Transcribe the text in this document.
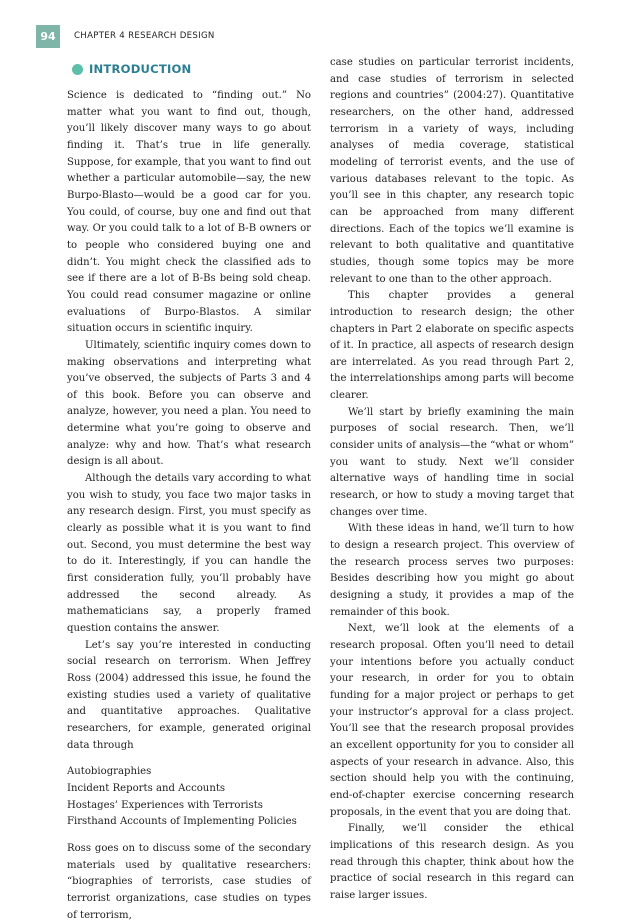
94	CHAPTER 4 RESEARCH DESIGN
INTRODUCTION

Science is dedicated to “finding out.” No matter what you want to find out, though, you’ll likely discover many ways to go about finding it. That’s true in life generally. Suppose, for example, that you want to find out whether a particular automobile—say, the new Burpo-Blasto—would be a good car for you. You could, of course, buy one and find out that way. Or you could talk to a lot of B-B owners or to people who considered buying one and didn’t. You might check the classified ads to see if there are a lot of B-Bs being sold cheap. You could read consumer magazine or online evaluations of Burpo-Blastos. A similar situation occurs in scientific inquiry.

Ultimately, scientific inquiry comes down to making observations and interpreting what you’ve observed, the subjects of Parts 3 and 4 of this book. Before you can observe and analyze, however, you need a plan. You need to determine what you’re going to observe and analyze: why and how. That’s what research design is all about.

Although the details vary according to what you wish to study, you face two major tasks in any research design. First, you must specify as clearly as possible what it is you want to find out. Second, you must determine the best way to do it. Interestingly, if you can handle the first consideration fully, you’ll probably have addressed the second already. As mathematicians say, a properly framed question contains the answer.

Let’s say you’re interested in conducting social research on terrorism. When Jeffrey Ross (2004) addressed this issue, he found the existing studies used a variety of qualitative and quantitative approaches. Qualitative researchers, for example, generated original data through

Autobiographies
Incident Reports and Accounts
Hostages’ Experiences with Terrorists
Firsthand Accounts of Implementing Policies

Ross goes on to discuss some of the secondary materials used by qualitative researchers: “biographies of terrorists, case studies of terrorist organizations, case studies on types of terrorism,

case studies on particular terrorist incidents, and case studies of terrorism in selected regions and countries” (2004:27). Quantitative researchers, on the other hand, addressed terrorism in a variety of ways, including analyses of media coverage, statistical modeling of terrorist events, and the use of various databases relevant to the topic. As you’ll see in this chapter, any research topic can be approached from many different directions. Each of the topics we’ll examine is relevant to both qualitative and quantitative studies, though some topics may be more relevant to one than to the other approach.

This chapter provides a general introduction to research design; the other chapters in Part 2 elaborate on specific aspects of it. In practice, all aspects of research design are interrelated. As you read through Part 2, the interrelationships among parts will become clearer.

We’ll start by briefly examining the main purposes of social research. Then, we’ll consider units of analysis—the “what or whom” you want to study. Next we’ll consider alternative ways of handling time in social research, or how to study a moving target that changes over time.

With these ideas in hand, we’ll turn to how to design a research project. This overview of the research process serves two purposes: Besides describing how you might go about designing a study, it provides a map of the remainder of this book.

Next, we’ll look at the elements of a research proposal. Often you’ll need to detail your intentions before you actually conduct your research, in order for you to obtain funding for a major project or perhaps to get your instructor’s approval for a class project. You’ll see that the research proposal provides an excellent opportunity for you to consider all aspects of your research in advance. Also, this section should help you with the continuing, end-of-chapter exercise concerning research proposals, in the event that you are doing that.

Finally, we’ll consider the ethical implications of this research design. As you read through this chapter, think about how the practice of social research in this regard can raise larger issues.
